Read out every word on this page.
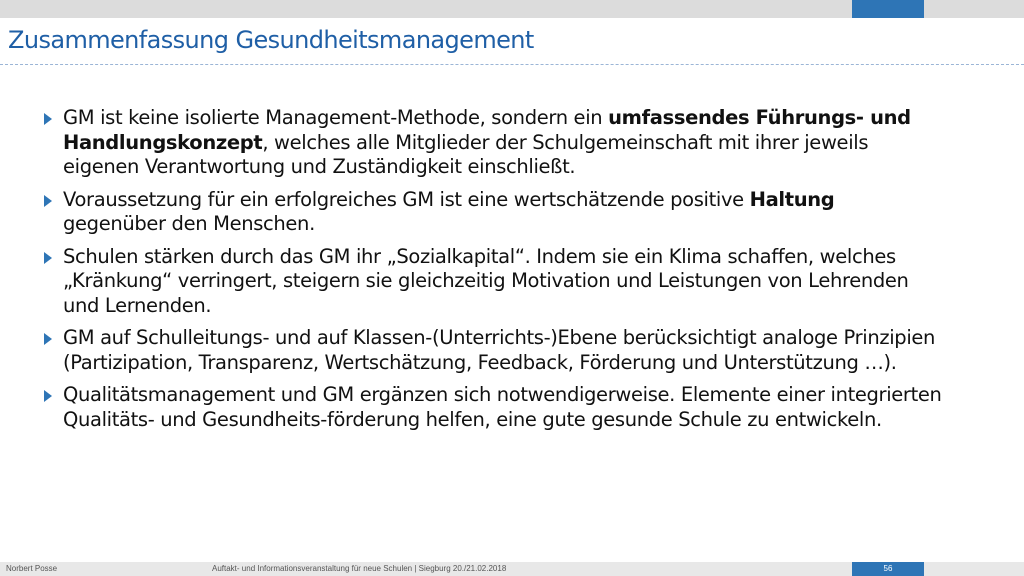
Zusammenfassung Gesundheitsmanagement
GM ist keine isolierte Management-Methode, sondern ein umfassendes Führungs- und Handlungskonzept, welches alle Mitglieder der Schulgemeinschaft mit ihrer jeweils eigenen Verantwortung und Zuständigkeit einschließt.
Voraussetzung für ein erfolgreiches GM ist eine wertschätzende positive Haltung gegenüber den Menschen.
Schulen stärken durch das GM ihr „Sozialkapital“. Indem sie ein Klima schaffen, welches „Kränkung“ verringert, steigern sie gleichzeitig Motivation und Leistungen von Lehrenden und Lernenden.
GM auf Schulleitungs- und auf Klassen-(Unterrichts-)Ebene berücksichtigt analoge Prinzipien (Partizipation, Transparenz, Wertschätzung, Feedback, Förderung und Unterstützung …).
Qualitätsmanagement und GM ergänzen sich notwendigerweise. Elemente einer integrierten Qualitäts- und Gesundheits-förderung helfen, eine gute gesunde Schule zu entwickeln.
Norbert Posse	Auftakt- und Informationsveranstaltung für neue Schulen | Siegburg 20./21.02.2018	56
